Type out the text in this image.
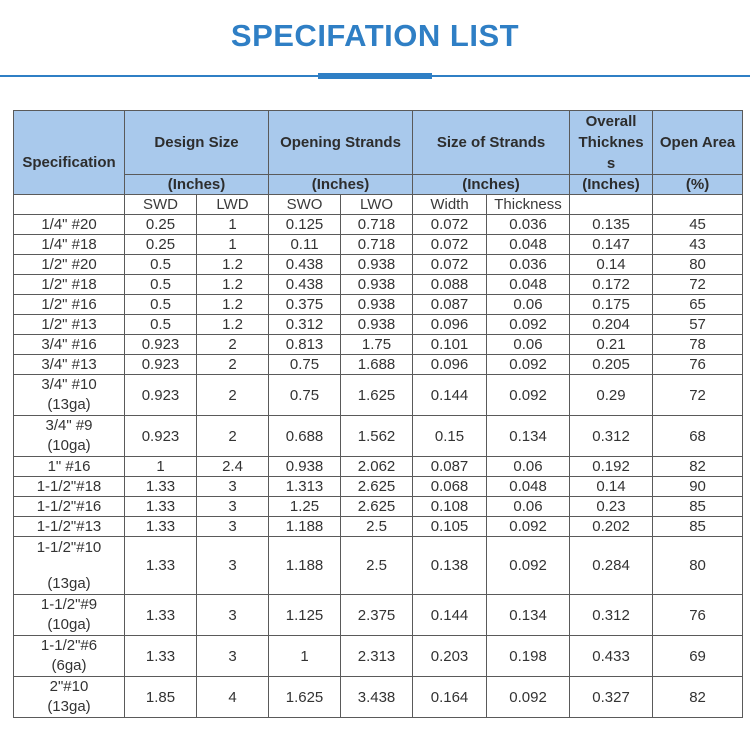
SPECIFATION LIST
Specification	Design Size		Opening Strands		Size of Strands		Overall Thicknes s	Open Area
	(Inches)		(Inches)		(Inches)		(Inches)	(%)
	SWD	LWD	SWO	LWO	Width	Thickness		
1/4" #20	0.25	1	0.125	0.718	0.072	0.036	0.135	45
1/4" #18	0.25	1	0.11	0.718	0.072	0.048	0.147	43
1/2" #20	0.5	1.2	0.438	0.938	0.072	0.036	0.14	80
1/2" #18	0.5	1.2	0.438	0.938	0.088	0.048	0.172	72
1/2" #16	0.5	1.2	0.375	0.938	0.087	0.06	0.175	65
1/2" #13	0.5	1.2	0.312	0.938	0.096	0.092	0.204	57
3/4" #16	0.923	2	0.813	1.75	0.101	0.06	0.21	78
3/4" #13	0.923	2	0.75	1.688	0.096	0.092	0.205	76

3/4" #10
(13ga)	0.923	2	0.75	1.625	0.144	0.092	0.29	72

3/4" #9
(10ga)	0.923	2	0.688	1.562	0.15	0.134	0.312	68
1" #16	1	2.4	0.938	2.062	0.087	0.06	0.192	82
1-1/2"#18	1.33	3	1.313	2.625	0.068	0.048	0.14	90
1-1/2"#16	1.33	3	1.25	2.625	0.108	0.06	0.23	85
1-1/2"#13	1.33	3	1.188	2.5	0.105	0.092	0.202	85

1-1/2"#10
(13ga)	1.33	3	1.188	2.5	0.138	0.092	0.284	80

1-1/2"#9
(10ga)	1.33	3	1.125	2.375	0.144	0.134	0.312	76

1-1/2"#6
(6ga)	1.33	3	1	2.313	0.203	0.198	0.433	69

2"#10
(13ga)	1.85	4	1.625	3.438	0.164	0.092	0.327	82
